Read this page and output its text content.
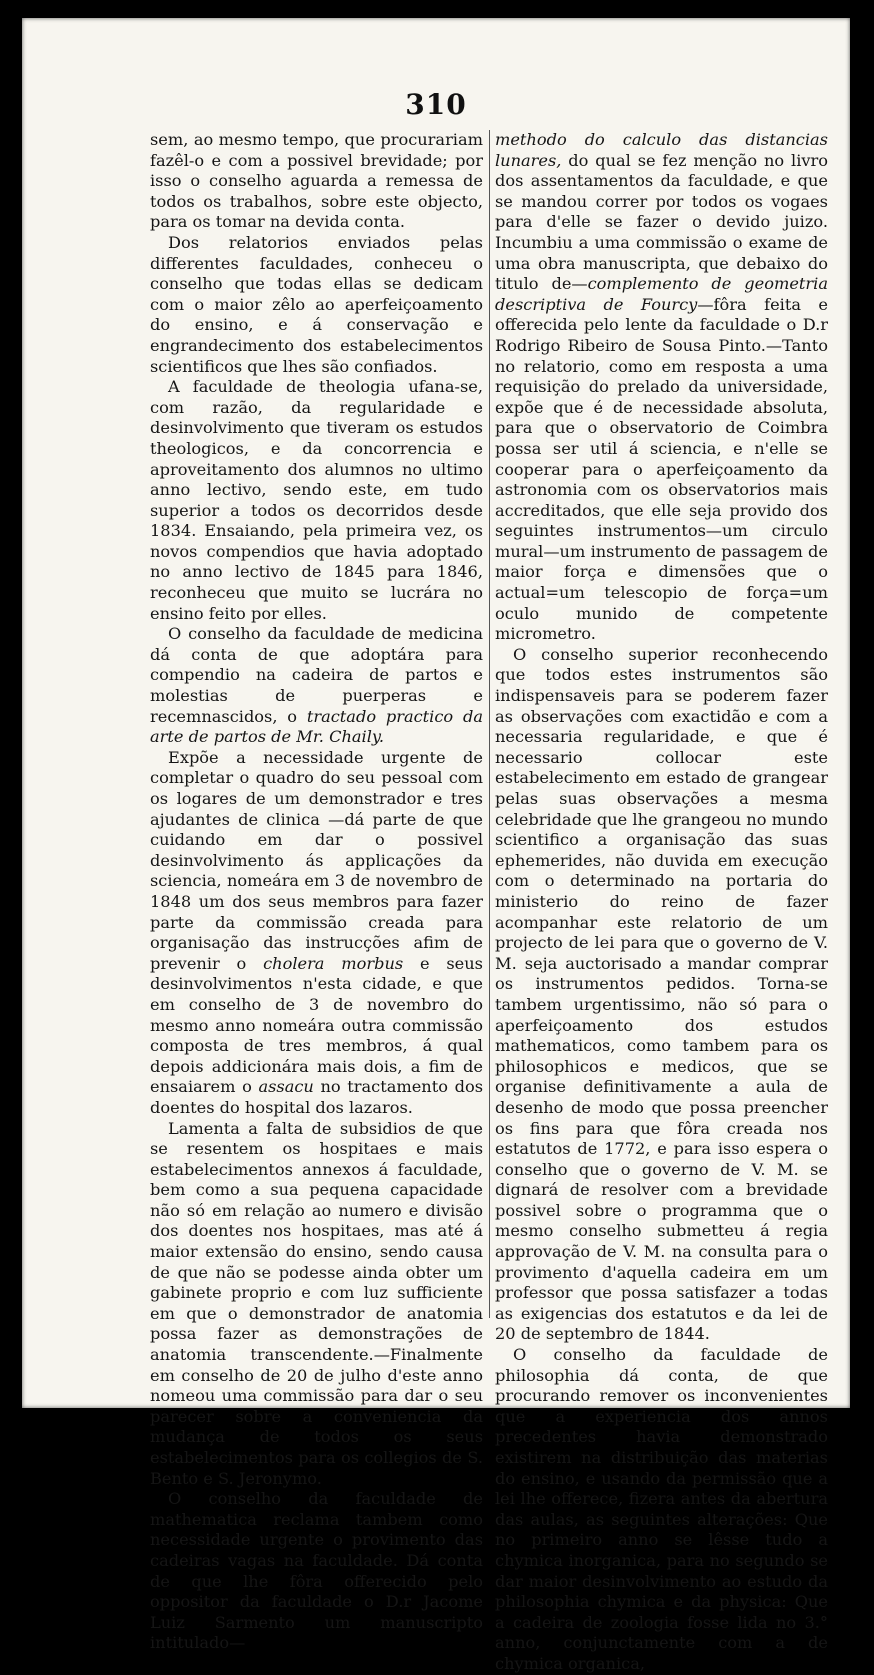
310

sem, ao mesmo tempo, que procurariam fazêl-o e com a possivel brevidade; por isso o conselho aguarda a remessa de todos os trabalhos, sobre este objecto, para os tomar na devida conta.

Dos relatorios enviados pelas differentes faculdades, conheceu o conselho que todas ellas se dedicam com o maior zêlo ao aperfeiçoamento do ensino, e á conservação e engrandecimento dos estabelecimentos scientificos que lhes são confiados.

A faculdade de theologia ufana-se, com razão, da regularidade e desinvolvimento que tiveram os estudos theologicos, e da concorrencia e aproveitamento dos alumnos no ultimo anno lectivo, sendo este, em tudo superior a todos os decorridos desde 1834. Ensaiando, pela primeira vez, os novos compendios que havia adoptado no anno lectivo de 1845 para 1846, reconheceu que muito se lucrára no ensino feito por elles.

O conselho da faculdade de medicina dá conta de que adoptára para compendio na cadeira de partos e molestias de puerperas e recemnascidos, o tractado practico da arte de partos de Mr. Chaily.

Expõe a necessidade urgente de completar o quadro do seu pessoal com os logares de um demonstrador e tres ajudantes de clinica —dá parte de que cuidando em dar o possivel desinvolvimento ás applicações da sciencia, nomeára em 3 de novembro de 1848 um dos seus membros para fazer parte da commissão creada para organisação das instrucções afim de prevenir o cholera morbus e seus desinvolvimentos n'esta cidade, e que em conselho de 3 de novembro do mesmo anno nomeára outra commissão composta de tres membros, á qual depois addicionára mais dois, a fim de ensaiarem o assacu no tractamento dos doentes do hospital dos lazaros.

Lamenta a falta de subsidios de que se resentem os hospitaes e mais estabelecimentos annexos á faculdade, bem como a sua pequena capacidade não só em relação ao numero e divisão dos doentes nos hospitaes, mas até á maior extensão do ensino, sendo causa de que não se podesse ainda obter um gabinete proprio e com luz sufficiente em que o demonstrador de anatomia possa fazer as demonstrações de anatomia transcendente.—Finalmente em conselho de 20 de julho d'este anno nomeou uma commissão para dar o seu parecer sobre a conveniencia da mudança de todos os seus estabelecimentos para os collegios de S. Bento e S. Jeronymo.

O conselho da faculdade de mathematica reclama tambem como necessidade urgente o provimento das cadeiras vagas na faculdade. Dá conta de que lhe fôra offerecido pelo oppositor da faculdade o D.r Jacome Luiz Sarmento um manuscripto intitulado—

methodo do calculo das distancias lunares, do qual se fez menção no livro dos assentamentos da faculdade, e que se mandou correr por todos os vogaes para d'elle se fazer o devido juizo. Incumbiu a uma commissão o exame de uma obra manuscripta, que debaixo do titulo de—complemento de geometria descriptiva de Fourcy—fôra feita e offerecida pelo lente da faculdade o D.r Rodrigo Ribeiro de Sousa Pinto.—Tanto no relatorio, como em resposta a uma requisição do prelado da universidade, expõe que é de necessidade absoluta, para que o observatorio de Coimbra possa ser util á sciencia, e n'elle se cooperar para o aperfeiçoamento da astronomia com os observatorios mais accreditados, que elle seja provido dos seguintes instrumentos—um circulo mural—um instrumento de passagem de maior força e dimensões que o actual=um telescopio de força=um oculo munido de competente micrometro.

O conselho superior reconhecendo que todos estes instrumentos são indispensaveis para se poderem fazer as observações com exactidão e com a necessaria regularidade, e que é necessario collocar este estabelecimento em estado de grangear pelas suas observações a mesma celebridade que lhe grangeou no mundo scientifico a organisação das suas ephemerides, não duvida em execução com o determinado na portaria do ministerio do reino de fazer acompanhar este relatorio de um projecto de lei para que o governo de V. M. seja auctorisado a mandar comprar os instrumentos pedidos. Torna-se tambem urgentissimo, não só para o aperfeiçoamento dos estudos mathematicos, como tambem para os philosophicos e medicos, que se organise definitivamente a aula de desenho de modo que possa preencher os fins para que fôra creada nos estatutos de 1772, e para isso espera o conselho que o governo de V. M. se dignará de resolver com a brevidade possivel sobre o programma que o mesmo conselho submetteu á regia approvação de V. M. na consulta para o provimento d'aquella cadeira em um professor que possa satisfazer a todas as exigencias dos estatutos e da lei de 20 de septembro de 1844.

O conselho da faculdade de philosophia dá conta, de que procurando remover os inconvenientes que a experiencia dos annos precedentes havia demonstrado existirem na distribuição das materias do ensino, e usando da permissão que a lei lhe offerece, fizera antes da abertura das aulas, as seguintes alterações: Que no primeiro anno se lêsse tudo a chymica inorganica, para no segundo se dar maior desinvolvimento ao estudo da philosophia chymica e da physica: Que a cadeira de zoologia fosse lida no 3.° anno, conjunctamente com a de chymica organica,
